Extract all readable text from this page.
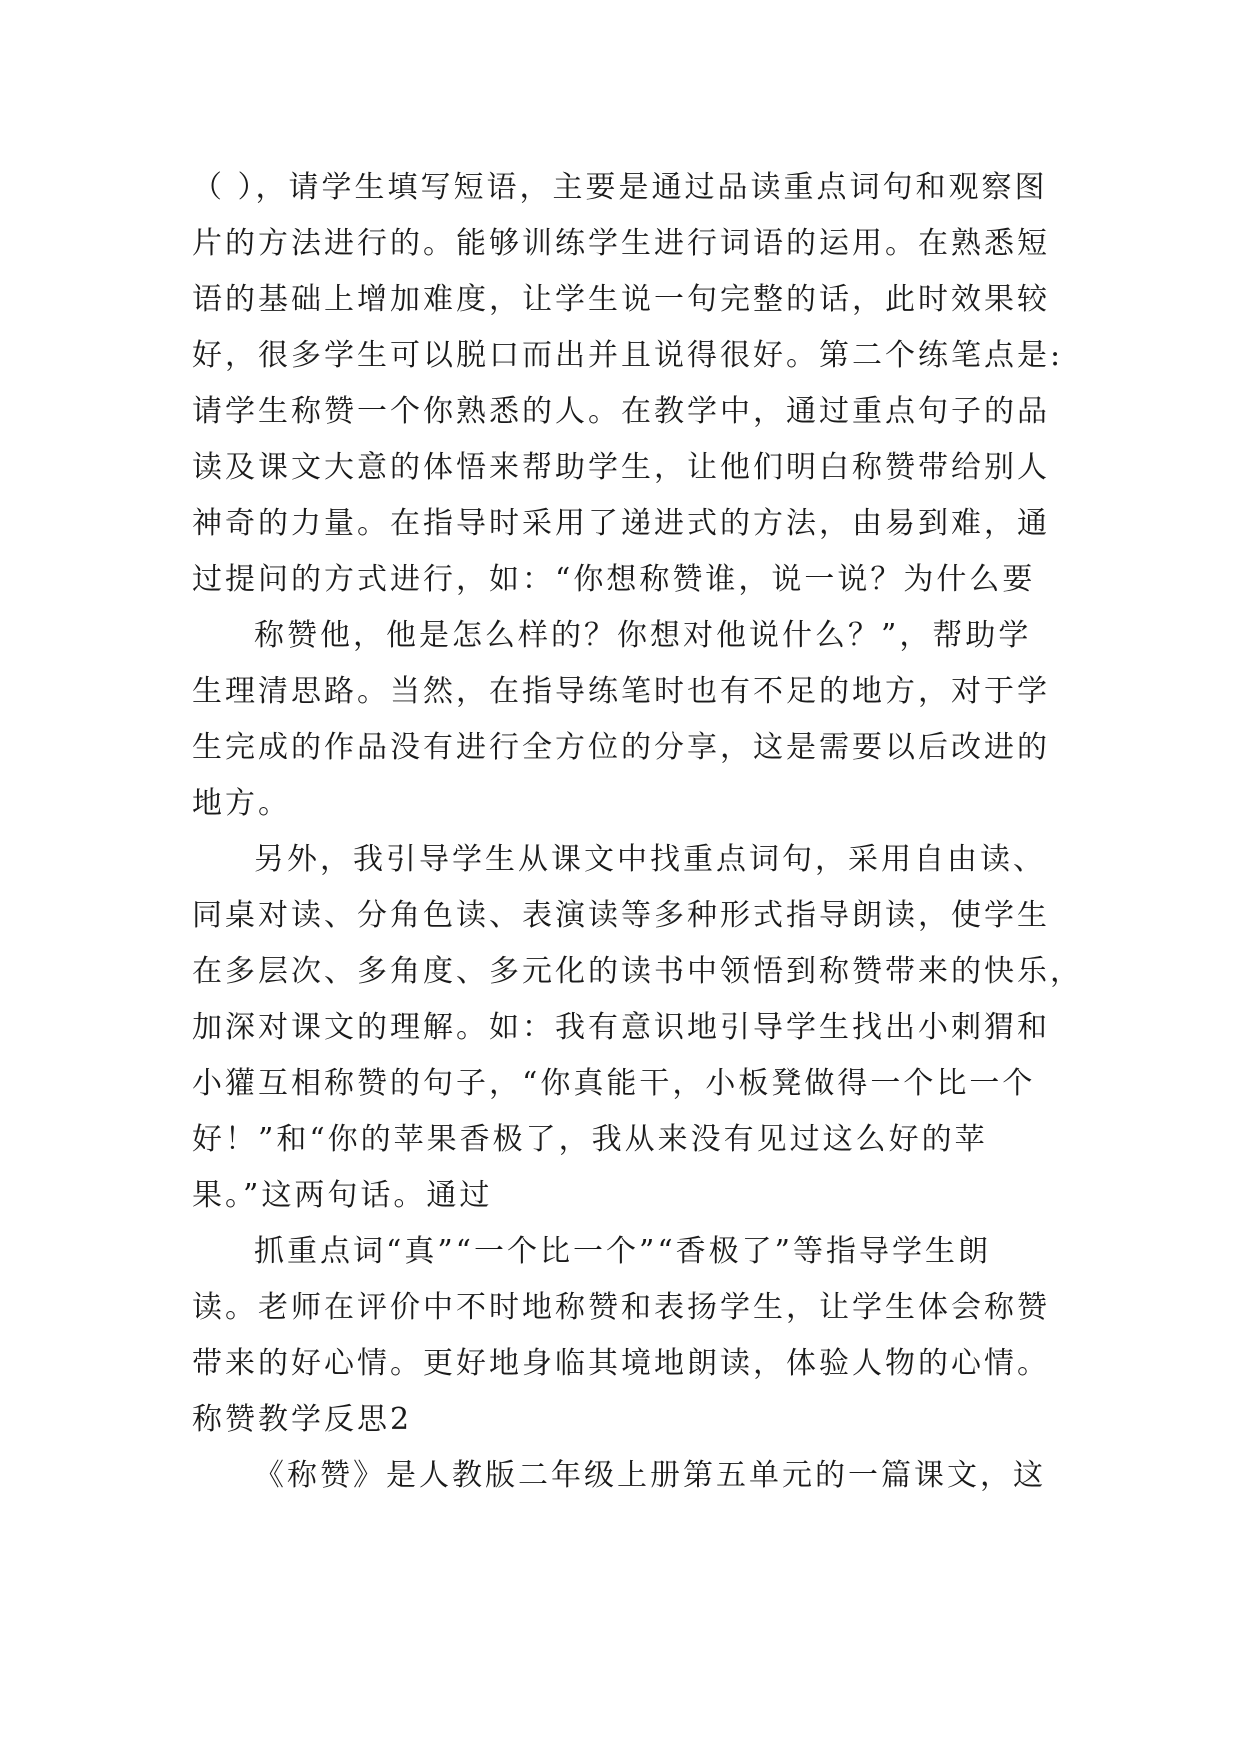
（ ），请学生填写短语，主要是通过品读重点词句和观察图
片的方法进行的。能够训练学生进行词语的运用。在熟悉短
语的基础上增加难度，让学生说一句完整的话，此时效果较
好，很多学生可以脱口而出并且说得很好。第二个练笔点是:
请学生称赞一个你熟悉的人。在教学中，通过重点句子的品
读及课文大意的体悟来帮助学生，让他们明白称赞带给别人
神奇的力量。在指导时采用了递进式的方法，由易到难，通
过提问的方式进行，如：“你想称赞谁，说一说？为什么要
称赞他，他是怎么样的？你想对他说什么？”，帮助学
生理清思路。当然，在指导练笔时也有不足的地方，对于学
生完成的作品没有进行全方位的分享，这是需要以后改进的
地方。
另外，我引导学生从课文中找重点词句，采用自由读、
同桌对读、分角色读、表演读等多种形式指导朗读，使学生
在多层次、多角度、多元化的读书中领悟到称赞带来的快乐，
加深对课文的理解。如：我有意识地引导学生找出小刺猬和
小獾互相称赞的句子，“你真能干，小板凳做得一个比一个
好！”和“你的苹果香极了，我从来没有见过这么好的苹
果。”这两句话。通过
抓重点词“真”“一个比一个”“香极了”等指导学生朗
读。老师在评价中不时地称赞和表扬学生，让学生体会称赞
带来的好心情。更好地身临其境地朗读，体验人物的心情。
称赞教学反思2
《称赞》是人教版二年级上册第五单元的一篇课文，这
